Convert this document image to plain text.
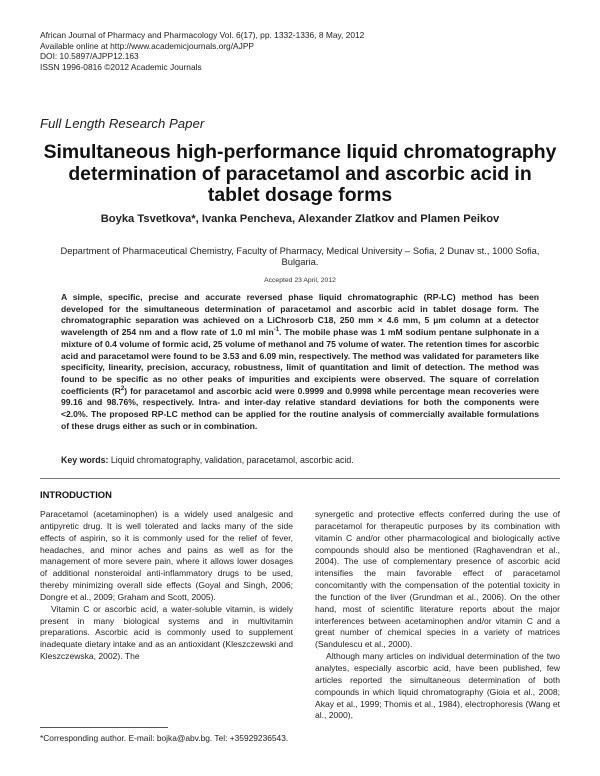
African Journal of Pharmacy and Pharmacology Vol. 6(17), pp. 1332-1336, 8 May, 2012
Available online at http://www.academicjournals.org/AJPP
DOI: 10.5897/AJPP12.163
ISSN 1996-0816 ©2012 Academic Journals
Full Length Research Paper
Simultaneous high-performance liquid chromatography determination of paracetamol and ascorbic acid in tablet dosage forms
Boyka Tsvetkova*, Ivanka Pencheva, Alexander Zlatkov and Plamen Peikov
Department of Pharmaceutical Chemistry, Faculty of Pharmacy, Medical University – Sofia, 2 Dunav st., 1000 Sofia, Bulgaria.
Accepted 23 April, 2012
A simple, specific, precise and accurate reversed phase liquid chromatographic (RP-LC) method has been developed for the simultaneous determination of paracetamol and ascorbic acid in tablet dosage form. The chromatographic separation was achieved on a LiChrosorb C18, 250 mm × 4.6 mm, 5 µm column at a detector wavelength of 254 nm and a flow rate of 1.0 ml $\min^{-1}$. The mobile phase was 1 mM sodium pentane sulphonate in a mixture of 0.4 volume of formic acid, 25 volume of methanol and 75 volume of water. The retention times for ascorbic acid and paracetamol were found to be 3.53 and 6.09 min, respectively. The method was validated for parameters like specificity, linearity, precision, accuracy, robustness, limit of quantitation and limit of detection. The method was found to be specific as no other peaks of impurities and excipients were observed. The square of correlation coefficients $(R^2)$ for paracetamol and ascorbic acid were 0.9999 and 0.9998 while percentage mean recoveries were 99.16 and 98.76%, respectively. Intra- and inter-day relative standard deviations for both the components were <2.0%. The proposed RP-LC method can be applied for the routine analysis of commercially available formulations of these drugs either as such or in combination.
Key words: Liquid chromatography, validation, paracetamol, ascorbic acid.
INTRODUCTION

Paracetamol (acetaminophen) is a widely used analgesic and antipyretic drug. It is well tolerated and lacks many of the side effects of aspirin, so it is commonly used for the relief of fever, headaches, and minor aches and pains as well as for the management of more severe pain, where it allows lower dosages of additional nonsteroidal anti-inflammatory drugs to be used, thereby minimizing overall side effects (Goyal and Singh, 2006; Dongre et al., 2009; Graham and Scott, 2005).

Vitamin C or ascorbic acid, a water-soluble vitamin, is widely present in many biological systems and in multivitamin preparations. Ascorbic acid is commonly used to supplement inadequate dietary intake and as an antioxidant (Kleszczewski and Kleszczewska, 2002). The

synergetic and protective effects conferred during the use of paracetamol for therapeutic purposes by its combination with vitamin C and/or other pharmacological and biologically active compounds should also be mentioned (Raghavendran et al., 2004). The use of complementary presence of ascorbic acid intensifies the main favorable effect of paracetamol concomitantly with the compensation of the potential toxicity in the function of the liver (Grundman et al., 2006). On the other hand, most of scientific literature reports about the major interferences between acetaminophen and/or vitamin C and a great number of chemical species in a variety of matrices (Sandulescu et al., 2000).

Although many articles on individual determination of the two analytes, especially ascorbic acid, have been published, few articles reported the simultaneous determination of both compounds in which liquid chromatography (Gioia et al., 2008; Akay et al., 1999; Thomis et al., 1984), electrophoresis (Wang et al., 2000),

*Corresponding author. E-mail: bojka@abv.bg. Tel: +35929236543.
